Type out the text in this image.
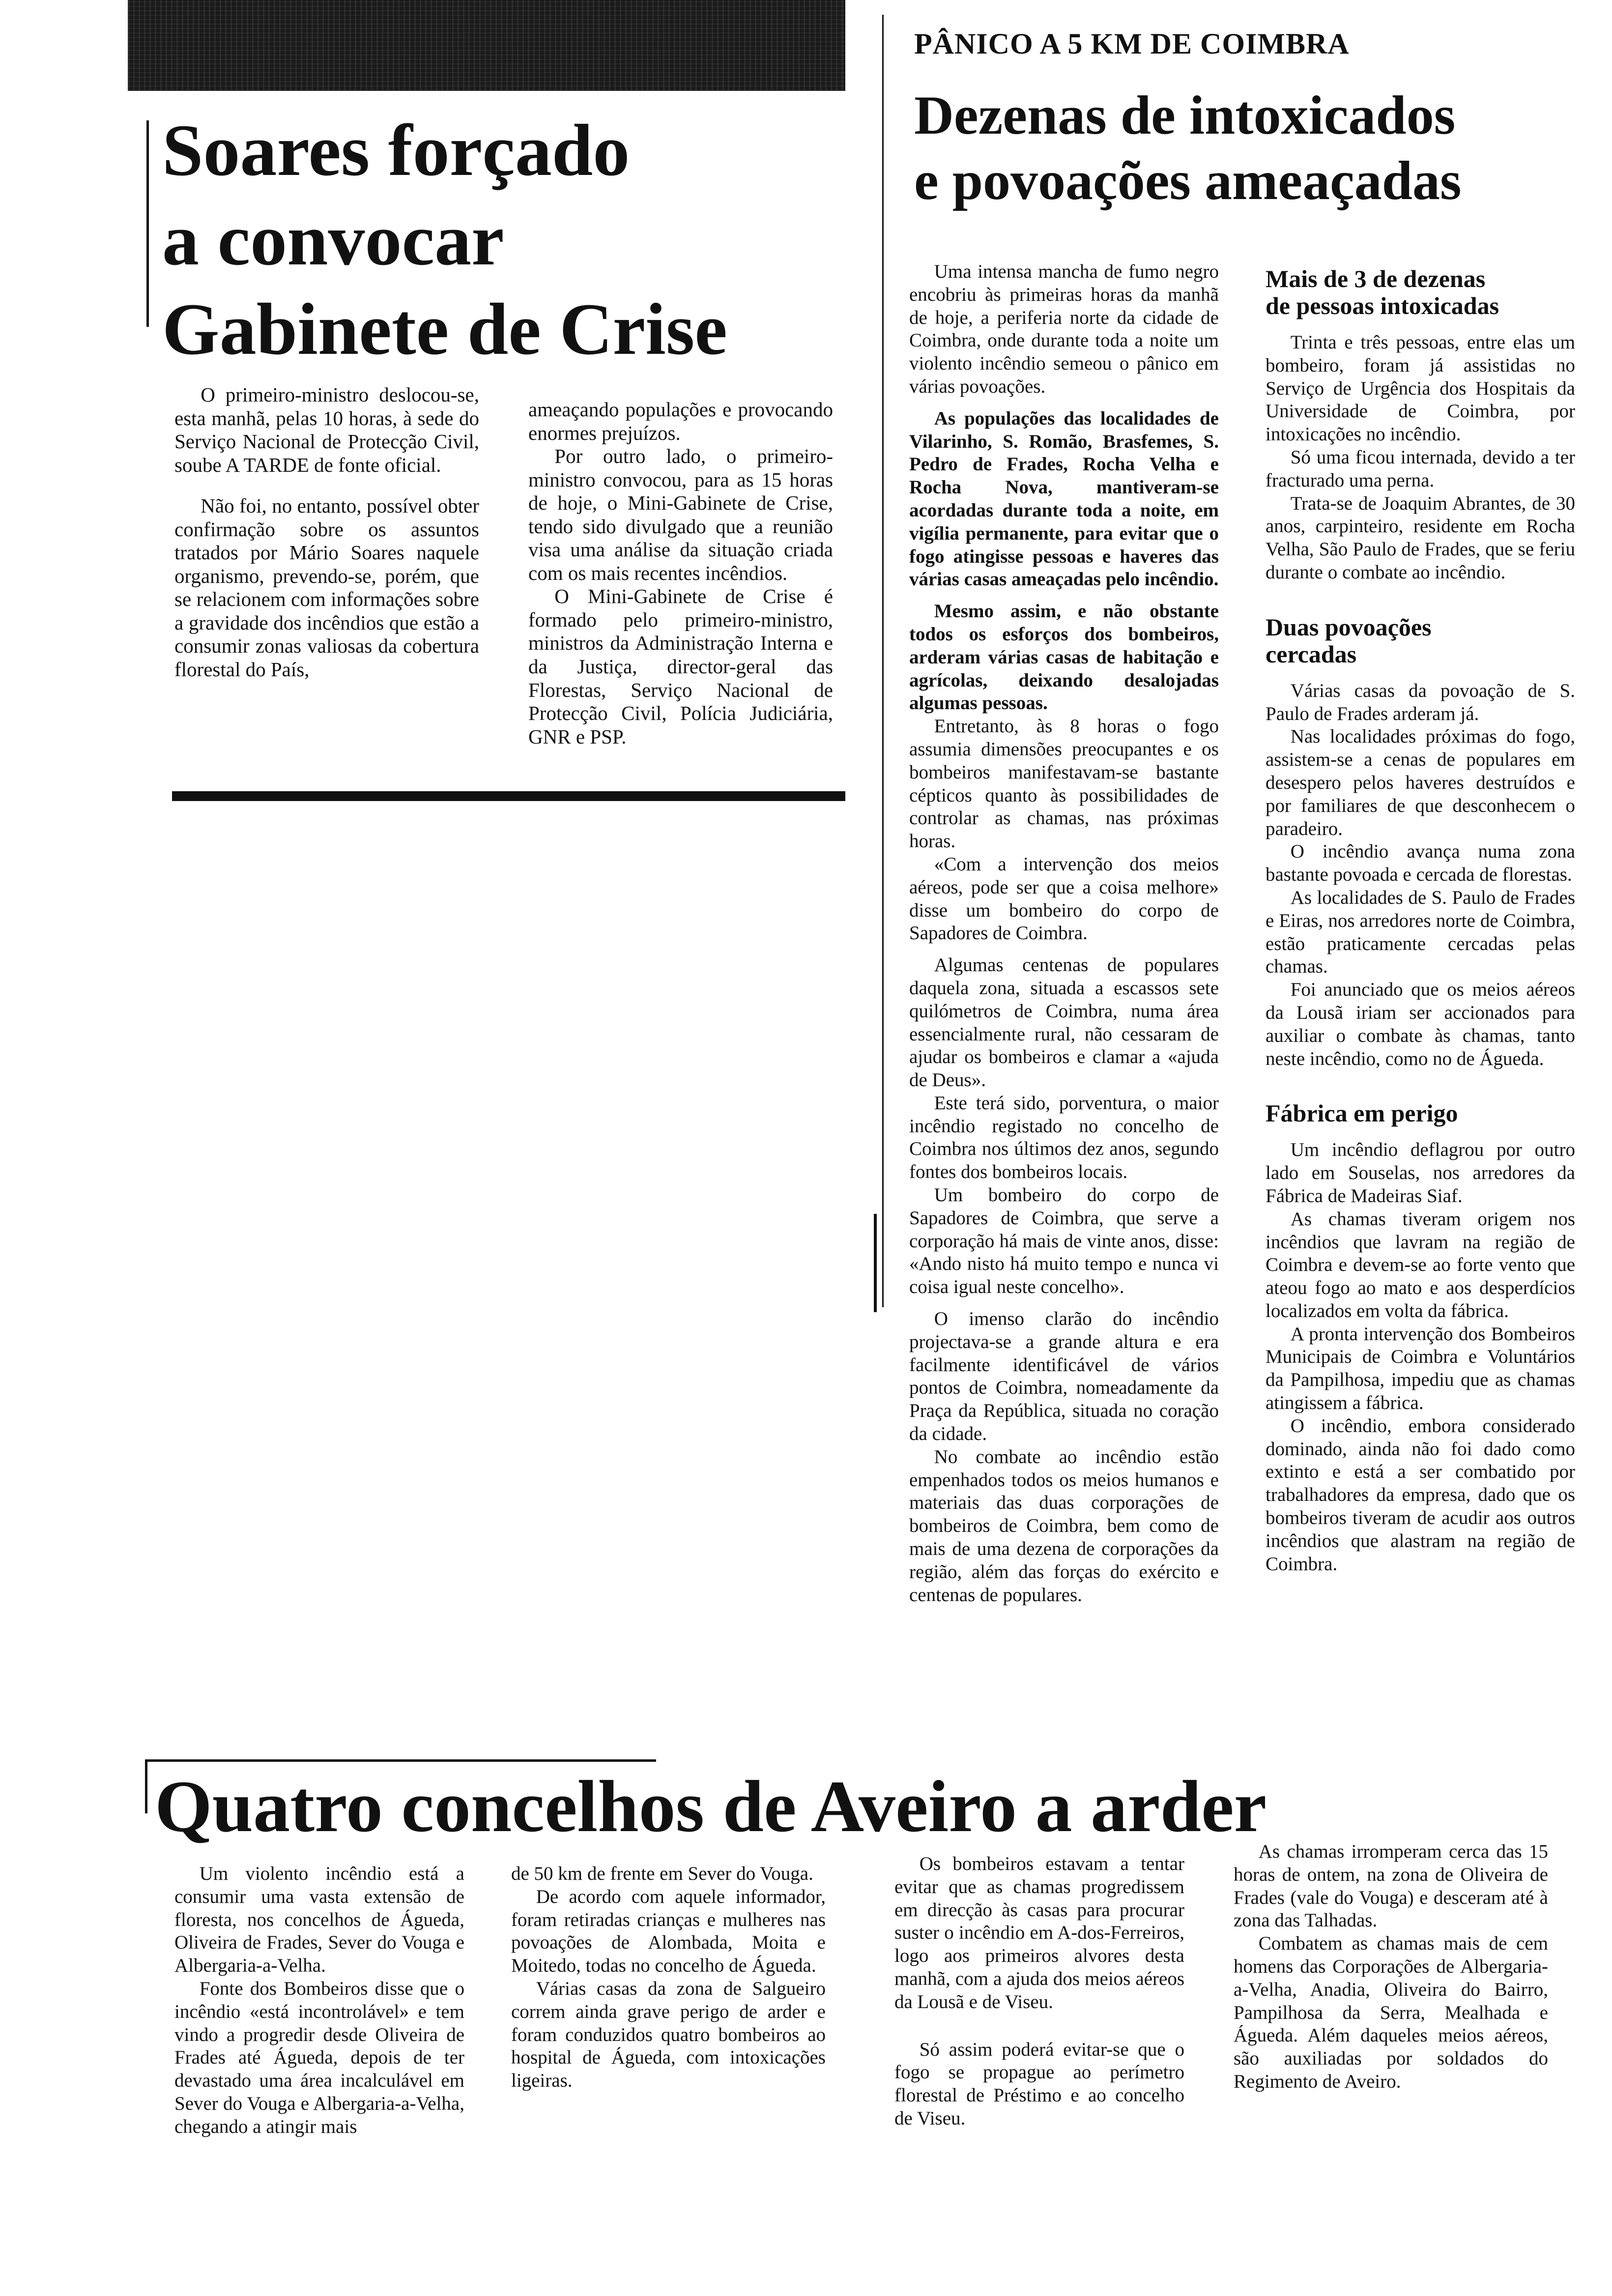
Soares forçado
a convocar
Gabinete de Crise

O primeiro-ministro deslocou-se, esta manhã, pelas 10 horas, à sede do Serviço Nacional de Protecção Civil, soube A TARDE de fonte oficial.

Não foi, no entanto, possível obter confirmação sobre os assuntos tratados por Mário Soares naquele organismo, prevendo-se, porém, que se relacionem com informações sobre a gravidade dos incêndios que estão a consumir zonas valiosas da cobertura florestal do País,

ameaçando populações e provocando enormes prejuízos.

Por outro lado, o primeiro-ministro convocou, para as 15 horas de hoje, o Mini-Gabinete de Crise, tendo sido divulgado que a reunião visa uma análise da situação criada com os mais recentes incêndios.

O Mini-Gabinete de Crise é formado pelo primeiro-ministro, ministros da Administração Interna e da Justiça, director-geral das Florestas, Serviço Nacional de Protecção Civil, Polícia Judiciária, GNR e PSP.

PÂNICO A 5 KM DE COIMBRA
Dezenas de intoxicados
e povoações ameaçadas

Uma intensa mancha de fumo negro encobriu às primeiras horas da manhã de hoje, a periferia norte da cidade de Coimbra, onde durante toda a noite um violento incêndio semeou o pânico em várias povoações.

As populações das localidades de Vilarinho, S. Romão, Brasfemes, S. Pedro de Frades, Rocha Velha e Rocha Nova, mantiveram-se acordadas durante toda a noite, em vigília permanente, para evitar que o fogo atingisse pessoas e haveres das várias casas ameaçadas pelo incêndio.

Mesmo assim, e não obstante todos os esforços dos bombeiros, arderam várias casas de habitação e agrícolas, deixando desalojadas algumas pessoas.

Entretanto, às 8 horas o fogo assumia dimensões preocupantes e os bombeiros manifestavam-se bastante cépticos quanto às possibilidades de controlar as chamas, nas próximas horas.

«Com a intervenção dos meios aéreos, pode ser que a coisa melhore» disse um bombeiro do corpo de Sapadores de Coimbra.

Algumas centenas de populares daquela zona, situada a escassos sete quilómetros de Coimbra, numa área essencialmente rural, não cessaram de ajudar os bombeiros e clamar a «ajuda de Deus».

Este terá sido, porventura, o maior incêndio registado no concelho de Coimbra nos últimos dez anos, segundo fontes dos bombeiros locais.

Um bombeiro do corpo de Sapadores de Coimbra, que serve a corporação há mais de vinte anos, disse: «Ando nisto há muito tempo e nunca vi coisa igual neste concelho».

O imenso clarão do incêndio projectava-se a grande altura e era facilmente identificável de vários pontos de Coimbra, nomeadamente da Praça da República, situada no coração da cidade.

No combate ao incêndio estão empenhados todos os meios humanos e materiais das duas corporações de bombeiros de Coimbra, bem como de mais de uma dezena de corporações da região, além das forças do exército e centenas de populares.

Mais de 3 de dezenas
de pessoas intoxicadas

Trinta e três pessoas, entre elas um bombeiro, foram já assistidas no Serviço de Urgência dos Hospitais da Universidade de Coimbra, por intoxicações no incêndio.

Só uma ficou internada, devido a ter fracturado uma perna.

Trata-se de Joaquim Abrantes, de 30 anos, carpinteiro, residente em Rocha Velha, São Paulo de Frades, que se feriu durante o combate ao incêndio.

Duas povoações
cercadas

Várias casas da povoação de S. Paulo de Frades arderam já.

Nas localidades próximas do fogo, assistem-se a cenas de populares em desespero pelos haveres destruídos e por familiares de que desconhecem o paradeiro.

O incêndio avança numa zona bastante povoada e cercada de florestas.

As localidades de S. Paulo de Frades e Eiras, nos arredores norte de Coimbra, estão praticamente cercadas pelas chamas.

Foi anunciado que os meios aéreos da Lousã iriam ser accionados para auxiliar o combate às chamas, tanto neste incêndio, como no de Águeda.

Fábrica em perigo

Um incêndio deflagrou por outro lado em Souselas, nos arredores da Fábrica de Madeiras Siaf.

As chamas tiveram origem nos incêndios que lavram na região de Coimbra e devem-se ao forte vento que ateou fogo ao mato e aos desperdícios localizados em volta da fábrica.

A pronta intervenção dos Bombeiros Municipais de Coimbra e Voluntários da Pampilhosa, impediu que as chamas atingissem a fábrica.

O incêndio, embora considerado dominado, ainda não foi dado como extinto e está a ser combatido por trabalhadores da empresa, dado que os bombeiros tiveram de acudir aos outros incêndios que alastram na região de Coimbra.

Quatro concelhos de Aveiro a arder

Um violento incêndio está a consumir uma vasta extensão de floresta, nos concelhos de Águeda, Oliveira de Frades, Sever do Vouga e Albergaria-a-Velha.

Fonte dos Bombeiros disse que o incêndio «está incontrolável» e tem vindo a progredir desde Oliveira de Frades até Águeda, depois de ter devastado uma área incalculável em Sever do Vouga e Albergaria-a-Velha, chegando a atingir mais

de 50 km de frente em Sever do Vouga.

De acordo com aquele informador, foram retiradas crianças e mulheres nas povoações de Alombada, Moita e Moitedo, todas no concelho de Águeda.

Várias casas da zona de Salgueiro correm ainda grave perigo de arder e foram conduzidos quatro bombeiros ao hospital de Águeda, com intoxicações ligeiras.

Os bombeiros estavam a tentar evitar que as chamas progredissem em direcção às casas para procurar suster o incêndio em A-dos-Ferreiros, logo aos primeiros alvores desta manhã, com a ajuda dos meios aéreos da Lousã e de Viseu.

Só assim poderá evitar-se que o fogo se propague ao perímetro florestal de Préstimo e ao concelho de Viseu.

As chamas irromperam cerca das 15 horas de ontem, na zona de Oliveira de Frades (vale do Vouga) e desceram até à zona das Talhadas.

Combatem as chamas mais de cem homens das Corporações de Albergaria-a-Velha, Anadia, Oliveira do Bairro, Pampilhosa da Serra, Mealhada e Águeda. Além daqueles meios aéreos, são auxiliadas por soldados do Regimento de Aveiro.
